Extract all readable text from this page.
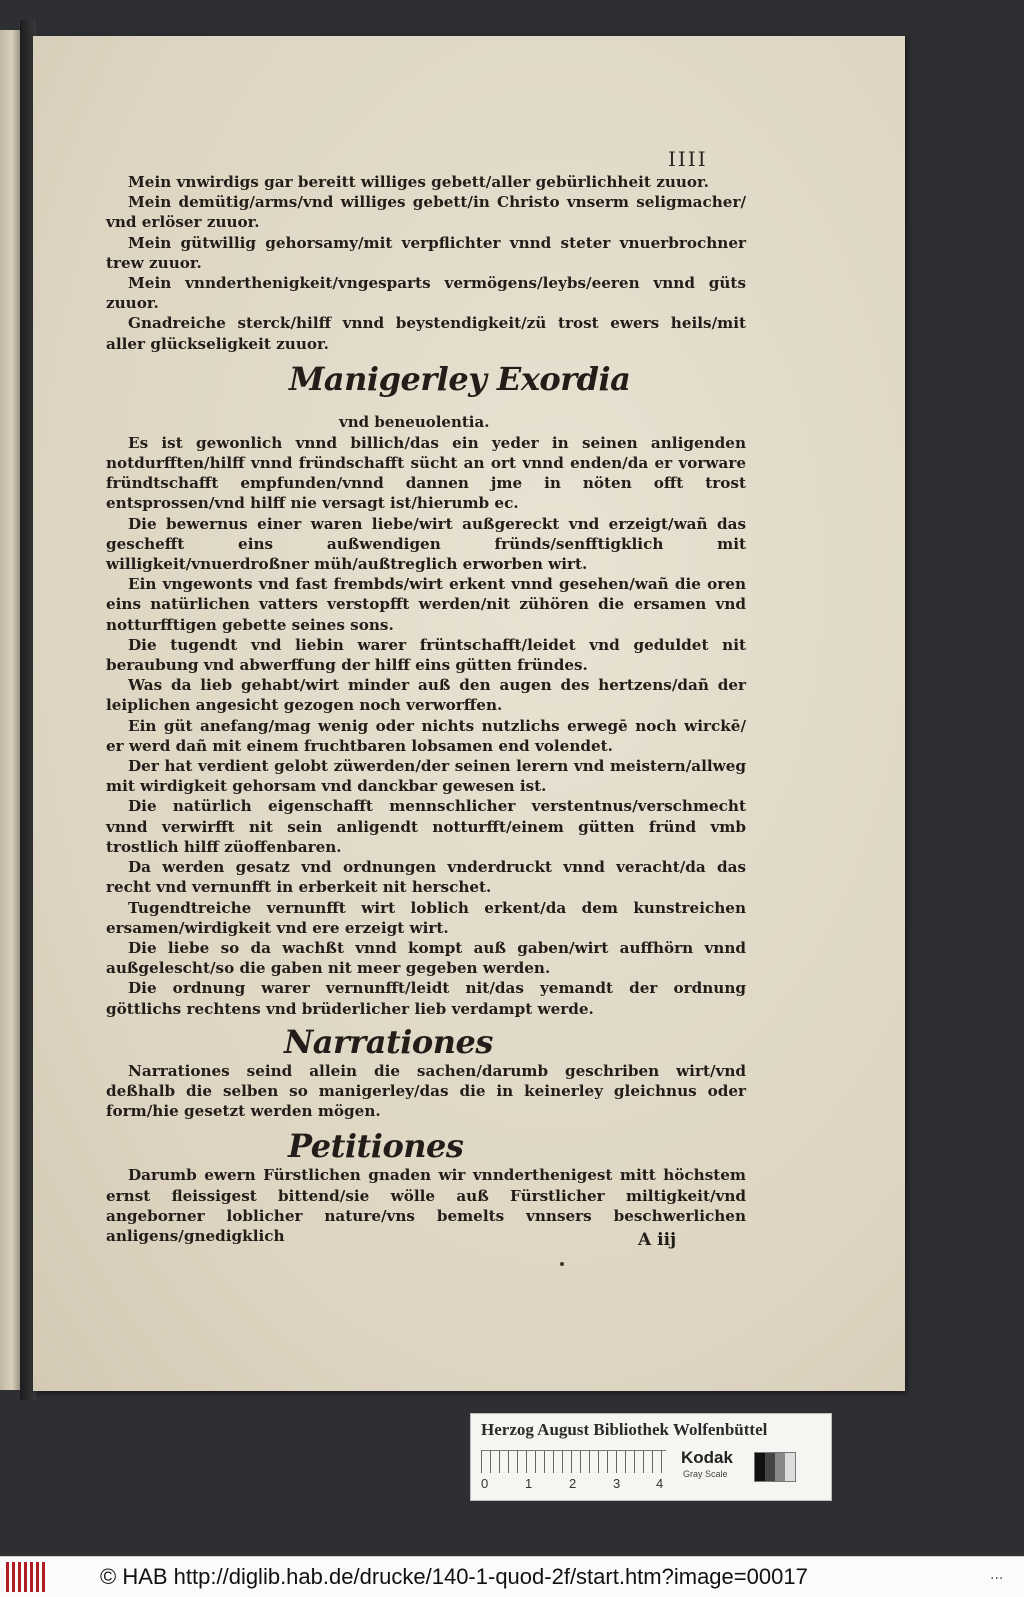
IIII

Mein vnwirdigs gar bereitt williges gebett/aller gebürlichheit zuuor.

Mein demütig/arms/vnd williges gebett/in Christo vnserm seligmacher/ vnd erlöser zuuor.

Mein gütwillig gehorsamy/mit verpflichter vnnd steter vnuerbrochner trew zuuor.

Mein vnnderthenigkeit/vngesparts vermögens/leybs/eeren vnnd güts zuuor.

Gnadreiche sterck/hilff vnnd beystendigkeit/zü trost ewers heils/mit aller glückseligkeit zuuor.

Manigerley Exordia

vnd beneuolentia.

Es ist gewonlich vnnd billich/das ein yeder in seinen anligenden notdurfften/hilff vnnd fründschafft sücht an ort vnnd enden/da er vorware fründtschafft empfunden/vnnd dannen jme in nöten offt trost entsprossen/vnd hilff nie versagt ist/hierumb ec.

Die bewernus einer waren liebe/wirt außgereckt vnd erzeigt/wañ das geschefft eins außwendigen fründs/senfftigklich mit willigkeit/vnuerdroßner müh/außtreglich erworben wirt.

Ein vngewonts vnd fast frembds/wirt erkent vnnd gesehen/wañ die oren eins natürlichen vatters verstopfft werden/nit zühören die ersamen vnd notturfftigen gebette seines sons.

Die tugendt vnd liebin warer früntschafft/leidet vnd geduldet nit beraubung vnd abwerffung der hilff eins gütten fründes.

Was da lieb gehabt/wirt minder auß den augen des hertzens/dañ der leiplichen angesicht gezogen noch verworffen.

Ein güt anefang/mag wenig oder nichts nutzlichs erwegē noch wirckē/ er werd dañ mit einem fruchtbaren lobsamen end volendet.

Der hat verdient gelobt züwerden/der seinen lerern vnd meistern/allweg mit wirdigkeit gehorsam vnd danckbar gewesen ist.

Die natürlich eigenschafft mennschlicher verstentnus/verschmecht vnnd verwirfft nit sein anligendt notturfft/einem gütten fründ vmb trostlich hilff züoffenbaren.

Da werden gesatz vnd ordnungen vnderdruckt vnnd veracht/da das recht vnd vernunfft in erberkeit nit herschet.

Tugendtreiche vernunfft wirt loblich erkent/da dem kunstreichen ersamen/wirdigkeit vnd ere erzeigt wirt.

Die liebe so da wachßt vnnd kompt auß gaben/wirt auffhörn vnnd außgelescht/so die gaben nit meer gegeben werden.

Die ordnung warer vernunfft/leidt nit/das yemandt der ordnung göttlichs rechtens vnd brüderlicher lieb verdampt werde.

Narrationes

Narrationes seind allein die sachen/darumb geschriben wirt/vnd deßhalb die selben so manigerley/das die in keinerley gleichnus oder form/hie gesetzt werden mögen.

Petitiones

Darumb ewern Fürstlichen gnaden wir vnnderthenigest mitt höchstem ernst fleissigest bittend/sie wölle auß Fürstlicher miltigkeit/vnd angeborner loblicher nature/vns bemelts vnnsers beschwerlichen anligens/gnedigklich	A iij
Herzog August Bibliothek Wolfenbüttel
0	1	2	3	4
Kodak
Gray Scale
© HAB http://diglib.hab.de/drucke/140-1-quod-2f/start.htm?image=00017	...
